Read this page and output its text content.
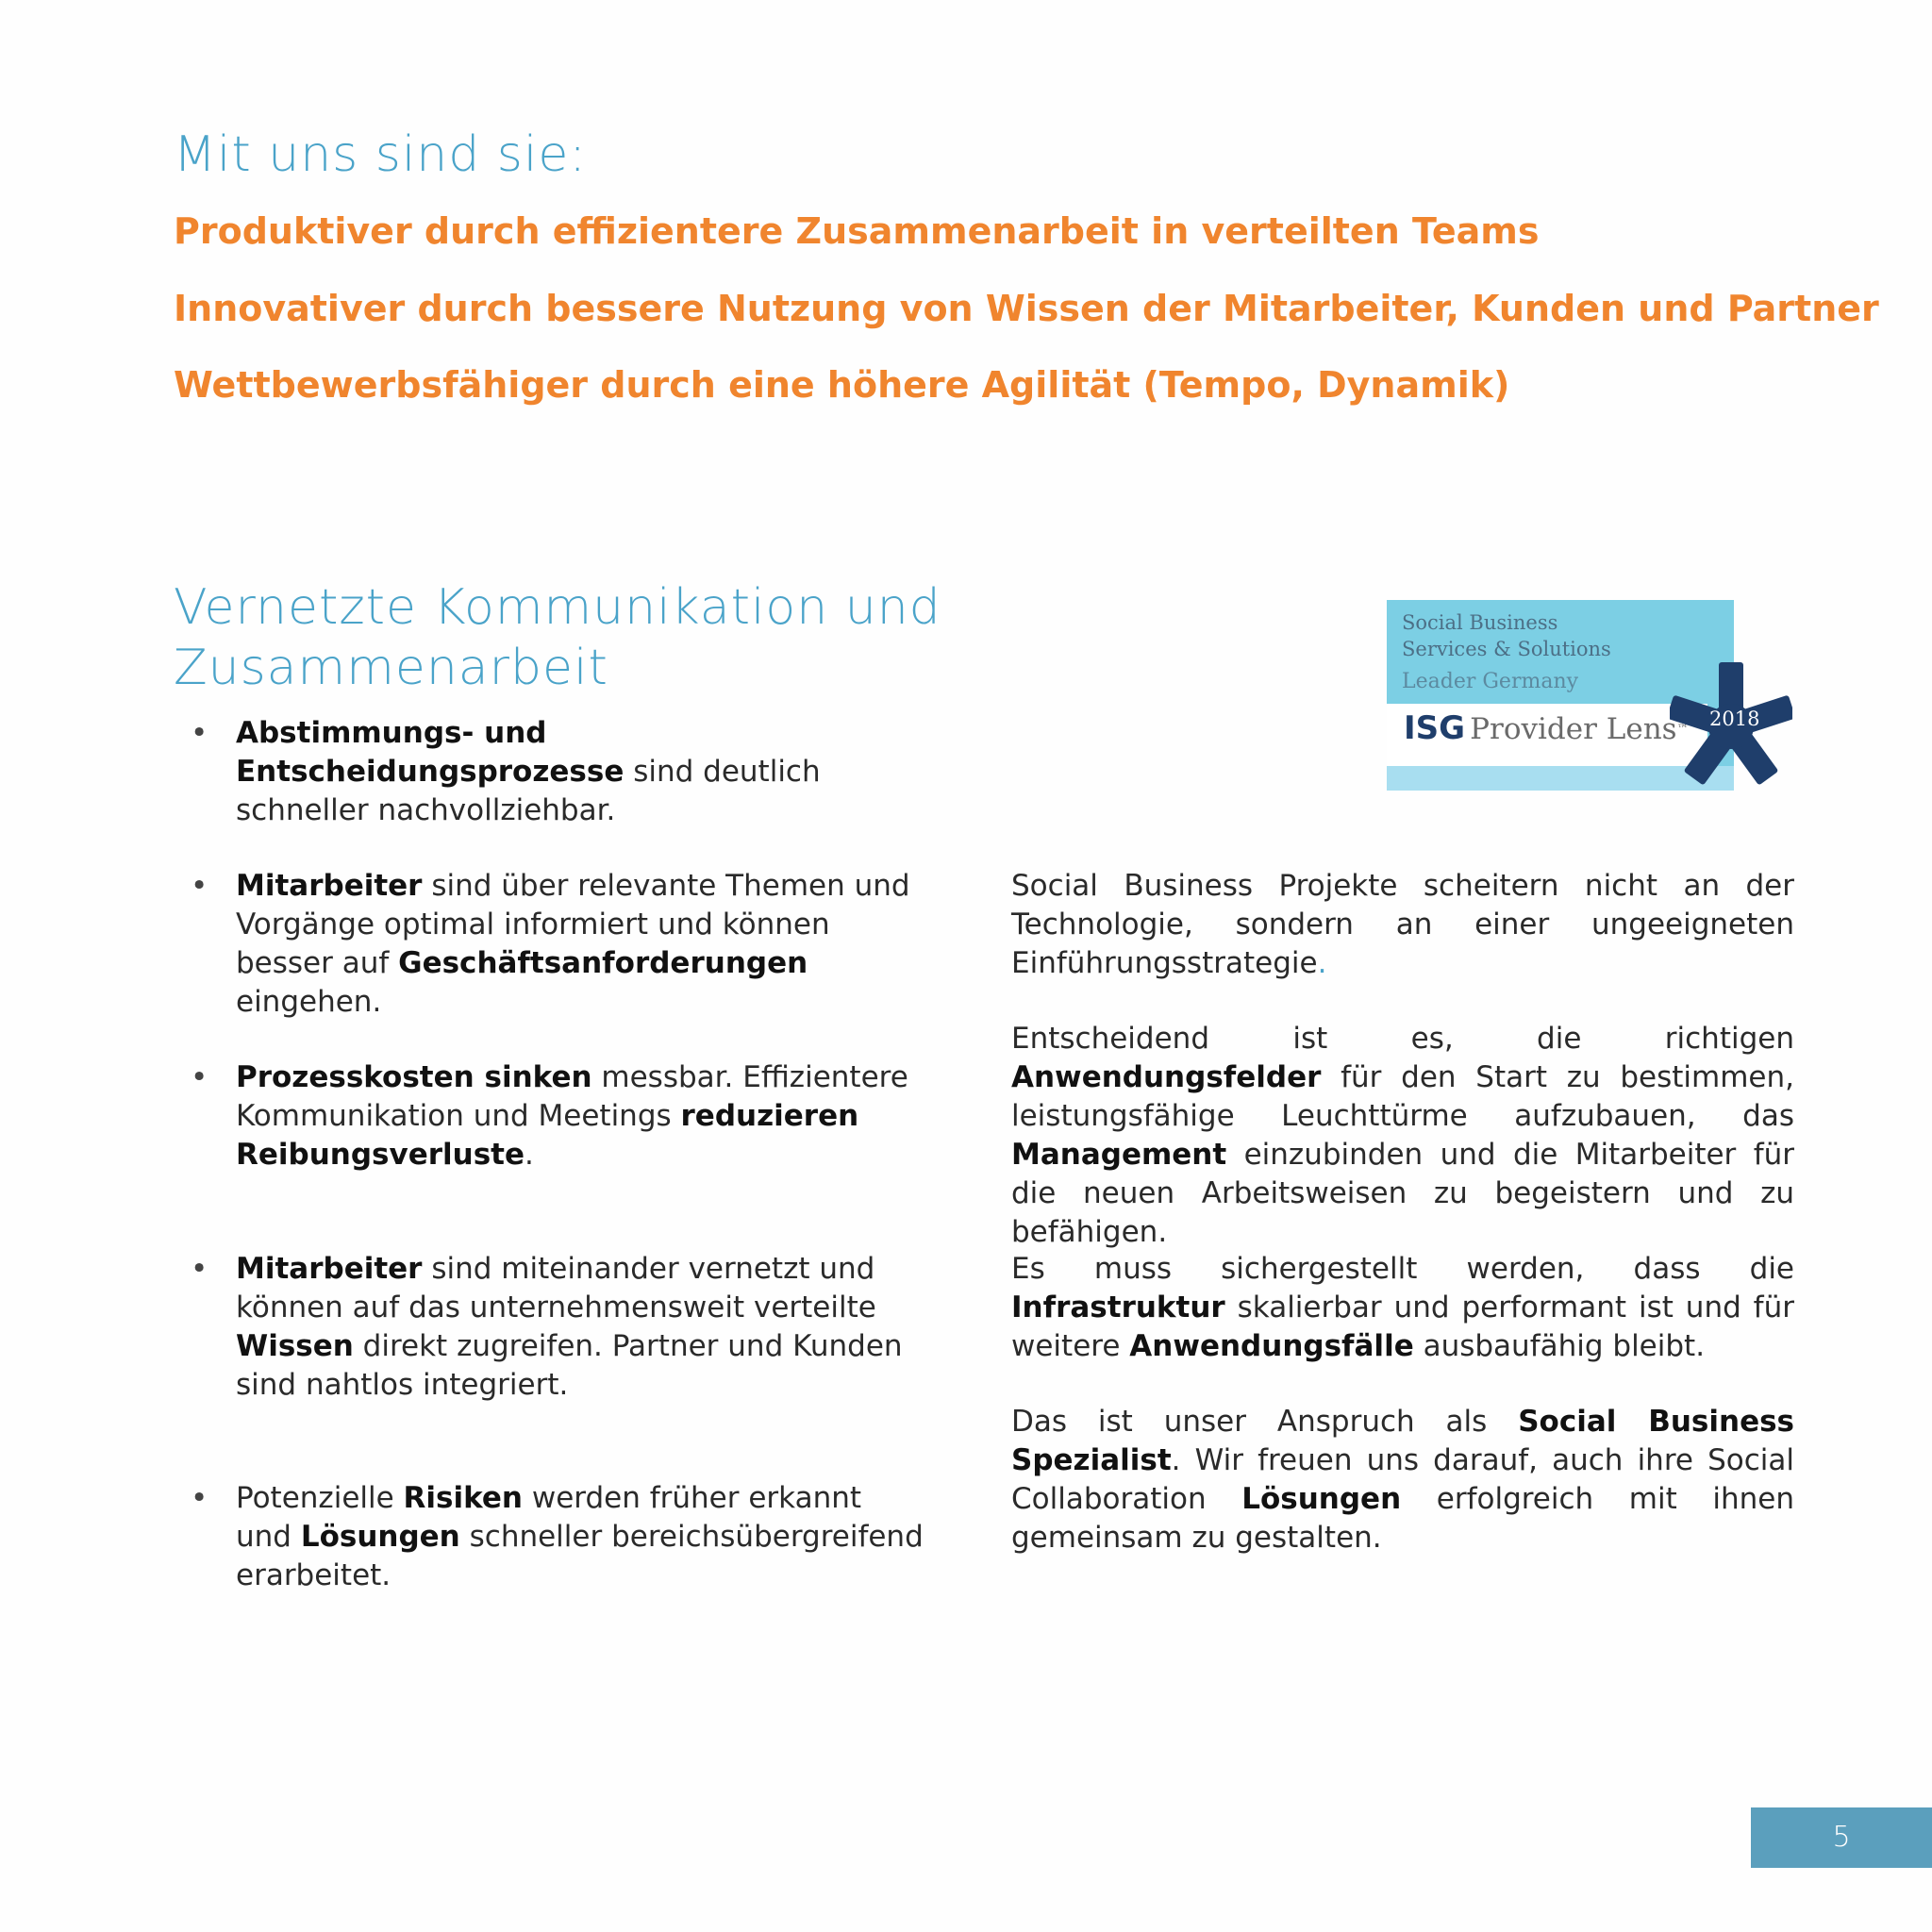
Mit uns sind sie:

Produktiver durch effizientere Zusammenarbeit in verteilten Teams

Innovativer durch bessere Nutzung von Wissen der Mitarbeiter, Kunden und Partner

Wettbewerbsfähiger durch eine höhere Agilität (Tempo, Dynamik)

Vernetzte Kommunikation und
Zusammenarbeit

• Abstimmungs- und Entscheidungsprozesse sind deutlich schneller nachvollziehbar.

• Mitarbeiter sind über relevante Themen und Vorgänge optimal informiert und können besser auf Geschäftsanforderungen eingehen.

• Prozesskosten sinken messbar. Effizientere Kommunikation und Meetings reduzieren Reibungsverluste.

• Mitarbeiter sind miteinander vernetzt und können auf das unternehmensweit verteilte Wissen direkt zugreifen. Partner und Kunden sind nahtlos integriert.

• Potenzielle Risiken werden früher erkannt und Lösungen schneller bereichsübergreifend erarbeitet.

Social Business Projekte scheitern nicht an der Technologie, sondern an einer ungeeigneten Einführungsstrategie.

Entscheidend ist es, die richtigen Anwendungsfelder für den Start zu bestimmen, leistungsfähige Leuchttürme aufzubauen, das Management einzubinden und die Mitarbeiter für die neuen Arbeitsweisen zu begeistern und zu befähigen.

Es muss sichergestellt werden, dass die Infrastruktur skalierbar und performant ist und für weitere Anwendungsfälle ausbaufähig bleibt.

Das ist unser Anspruch als Social Business Spezialist. Wir freuen uns darauf, auch ihre Social Collaboration Lösungen erfolgreich mit ihnen gemeinsam zu gestalten.

Social Business
Services & Solutions
Leader Germany
ISG Provider Lens™ 2018
5
